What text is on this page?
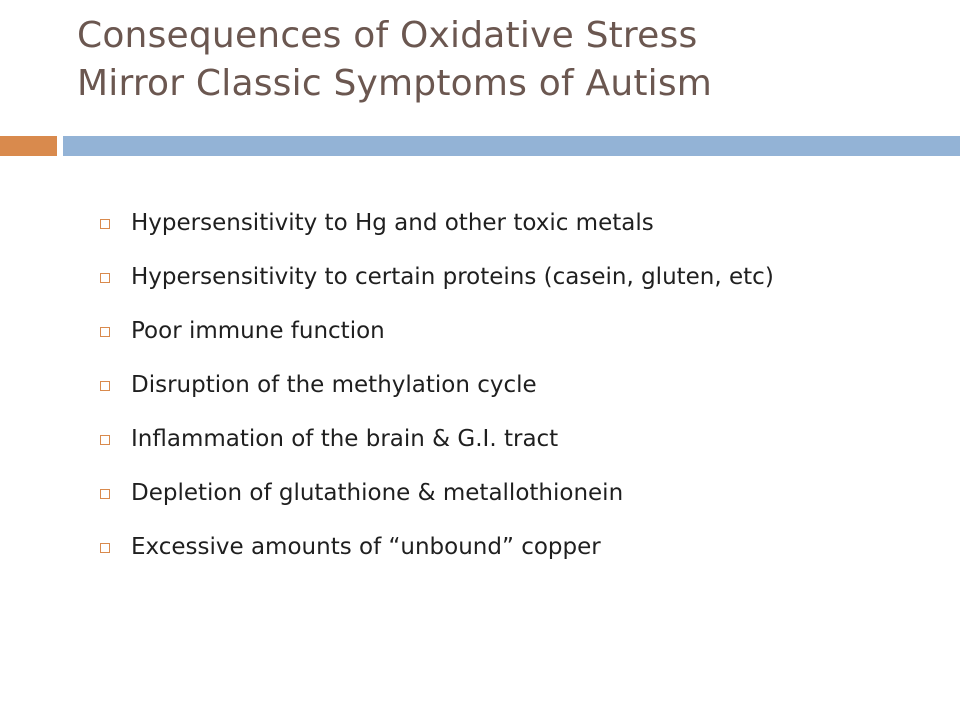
Consequences of Oxidative Stress
Mirror Classic Symptoms of Autism
Hypersensitivity to Hg and other toxic metals
Hypersensitivity to certain proteins (casein, gluten, etc)
Poor immune function
Disruption of the methylation cycle
Inflammation of the brain & G.I. tract
Depletion of glutathione & metallothionein
Excessive amounts of “unbound” copper
